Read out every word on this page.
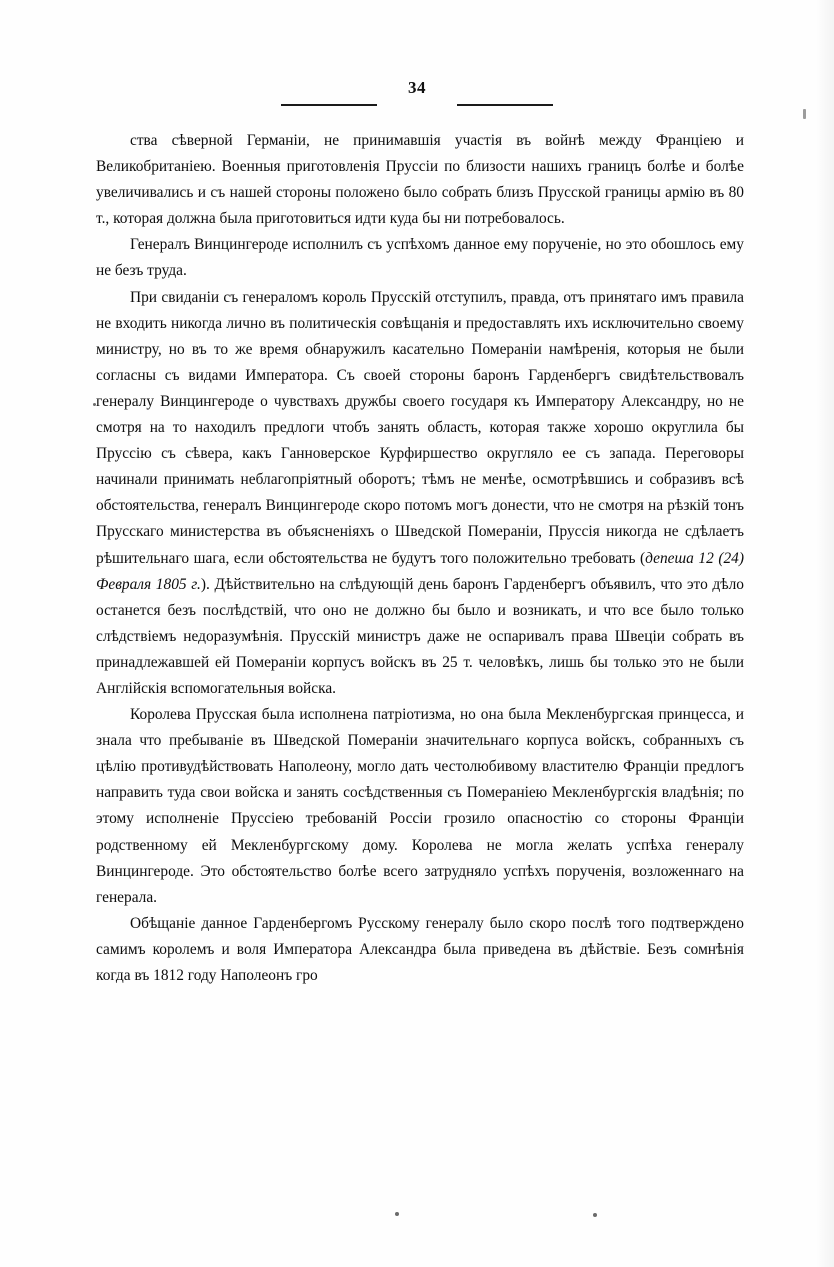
34

ства сѣверной Германіи, не принимавшія участія въ войнѣ между Франціею и Великобританіею. Военныя приготовленія Пруссіи по близости нашихъ границъ болѣе и болѣе увеличивались и съ нашей стороны положено было собрать близъ Прусской границы армію въ 80 т., которая должна была приготовиться идти куда бы ни потребовалось.

Генералъ Винцингероде исполнилъ съ успѣхомъ данное ему порученіе, но это обошлось ему не безъ труда.

При свиданіи съ генераломъ король Прусскій отступилъ, правда, отъ принятаго имъ правила не входить никогда лично въ политическія совѣщанія и предоставлять ихъ исключительно своему министру, но въ то же время обнаружилъ касательно Помераніи намѣренія, которыя не были согласны съ видами Императора. Съ своей стороны баронъ Гарденбергъ свидѣтельствовалъ генералу Винцингероде о чувствахъ дружбы своего государя къ Императору Александру, но не смотря на то находилъ предлоги чтобъ занять область, которая также хорошо округлила бы Пруссію съ сѣвера, какъ Ганноверское Курфиршество округляло ее съ запада. Переговоры начинали принимать неблагопріятный оборотъ; тѣмъ не менѣе, осмотрѣвшись и собразивъ всѣ обстоятельства, генералъ Винцингероде скоро потомъ могъ донести, что не смотря на рѣзкій тонъ Прусскаго министерства въ объясненіяхъ о Шведской Помераніи, Пруссія никогда не сдѣлаетъ рѣшительнаго шага, если обстоятельства не будутъ того положительно требовать (депеша 12 (24) Февраля 1805 г.). Дѣйствительно на слѣдующій день баронъ Гарденбергъ объявилъ, что это дѣло останется безъ послѣдствій, что оно не должно бы было и возникать, и что все было только слѣдствіемъ недоразумѣнія. Прусскій министръ даже не оспаривалъ права Швеціи собрать въ принадлежавшей ей Помераніи корпусъ войскъ въ 25 т. человѣкъ, лишь бы только это не были Англійскія вспомогательныя войска.

Королева Прусская была исполнена патріотизма, но она была Мекленбургская принцесса, и знала что пребываніе въ Шведской Помераніи значительнаго корпуса войскъ, собранныхъ съ цѣлію противудѣйствовать Наполеону, могло дать честолюбивому властителю Франціи предлогъ направить туда свои войска и занять сосѣдственныя съ Помераніею Мекленбургскія владѣнія; по этому исполненіе Пруссіею требованій Россіи грозило опасностію со стороны Франціи родственному ей Мекленбургскому дому. Королева не могла желать успѣха генералу Винцингероде. Это обстоятельство болѣе всего затрудняло успѣхъ порученія, возложеннаго на генерала.

Обѣщаніе данное Гарденбергомъ Русскому генералу было скоро послѣ того подтверждено самимъ королемъ и воля Императора Александра была приведена въ дѣйствіе. Безъ сомнѣнія когда въ 1812 году Наполеонъ гро
